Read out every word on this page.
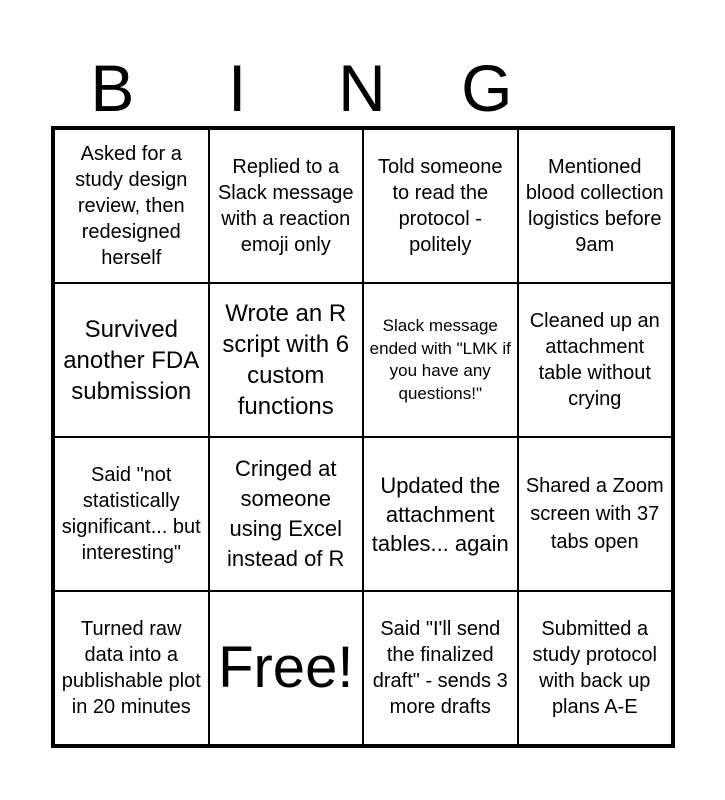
B	I	N	G
Asked for a study design review, then redesigned herself
Replied to a Slack message with a reaction emoji only
Told someone to read the protocol - politely
Mentioned blood collection logistics before 9am
Survived another FDA submission
Wrote an R script with 6 custom functions
Slack message ended with "LMK if you have any questions!"
Cleaned up an attachment table without crying
Said "not statistically significant... but interesting"
Cringed at someone using Excel instead of R
Updated the attachment tables... again
Shared a Zoom screen with 37 tabs open
Turned raw data into a publishable plot in 20 minutes
Free!
Said "I'll send the finalized draft" - sends 3 more drafts
Submitted a study protocol with back up plans A-E
